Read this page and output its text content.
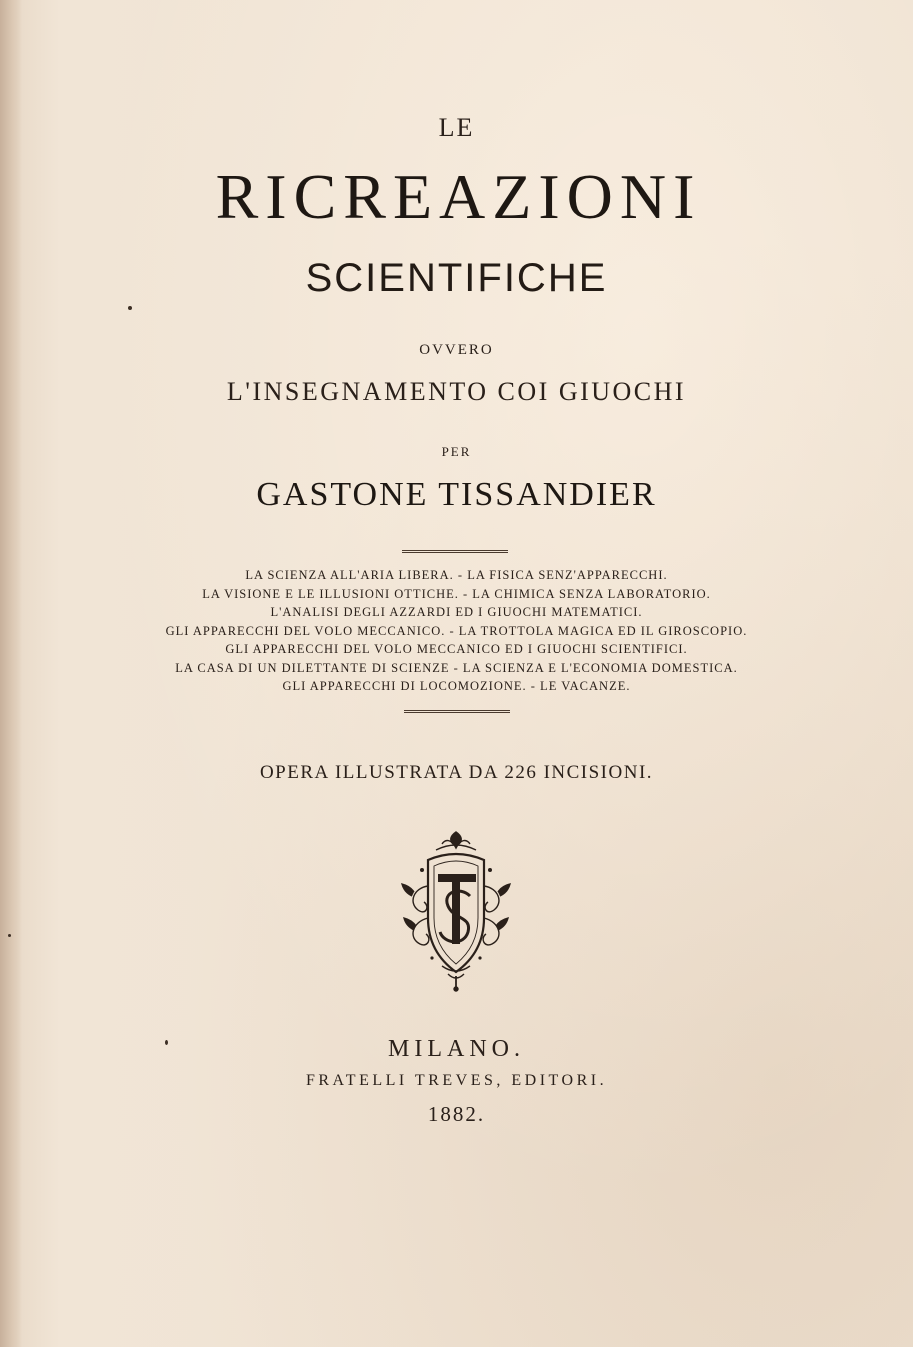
LE
RICREAZIONI
SCIENTIFICHE
OVVERO
L'INSEGNAMENTO COI GIUOCHI
PER
GASTONE TISSANDIER
LA SCIENZA ALL'ARIA LIBERA. - LA FISICA SENZ'APPARECCHI.
LA VISIONE E LE ILLUSIONI OTTICHE. - LA CHIMICA SENZA LABORATORIO.
L'ANALISI DEGLI AZZARDI ED I GIUOCHI MATEMATICI.
GLI APPARECCHI DEL VOLO MECCANICO. - LA TROTTOLA MAGICA ED IL GIROSCOPIO.
GLI APPARECCHI DEL VOLO MECCANICO ED I GIUOCHI SCIENTIFICI.
LA CASA DI UN DILETTANTE DI SCIENZE - LA SCIENZA E L'ECONOMIA DOMESTICA.
GLI APPARECCHI DI LOCOMOZIONE. - LE VACANZE.
OPERA ILLUSTRATA DA 226 INCISIONI.
MILANO.
FRATELLI TREVES, EDITORI.
1882.
